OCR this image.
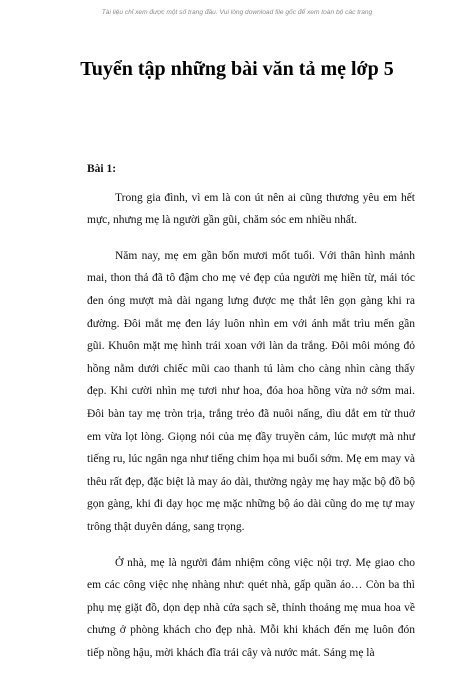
Tài liệu chỉ xem được một số trang đầu. Vui lòng download file gốc để xem toàn bộ các trang
Tuyển tập những bài văn tả mẹ lớp 5
Bài 1:

Trong gia đình, vì em là con út nên ai cũng thương yêu em hết mực, nhưng mẹ là người gần gũi, chăm sóc em nhiều nhất.

Năm nay, mẹ em gần bốn mươi mốt tuổi. Với thân hình mảnh mai, thon thả đã tô đậm cho mẹ vẻ đẹp của người mẹ hiền từ, mái tóc đen óng mượt mà dài ngang lưng được mẹ thắt lên gọn gàng khi ra đường. Đôi mắt mẹ đen láy luôn nhìn em với ánh mắt trìu mến gần gũi. Khuôn mặt mẹ hình trái xoan với làn da trắng. Đôi môi mỏng đỏ hồng nằm dưới chiếc mũi cao thanh tú làm cho càng nhìn càng thấy đẹp. Khi cười nhìn mẹ tươi như hoa, đóa hoa hồng vừa nở sớm mai. Đôi bàn tay mẹ tròn trịa, trắng trẻo đã nuôi nấng, dìu dắt em từ thuở em vừa lọt lòng. Giọng nói của mẹ đầy truyền cảm, lúc mượt mà như tiếng ru, lúc ngân nga như tiếng chim họa mi buổi sớm. Mẹ em may và thêu rất đẹp, đặc biệt là may áo dài, thường ngày mẹ hay mặc bộ đồ bộ gọn gàng, khi đi dạy học mẹ mặc những bộ áo dài cũng do mẹ tự may trông thật duyên dáng, sang trọng.

Ở nhà, mẹ là người đảm nhiệm công việc nội trợ. Mẹ giao cho em các công việc nhẹ nhàng như: quét nhà, gấp quần áo… Còn ba thì phụ mẹ giặt đồ, dọn dẹp nhà cửa sạch sẽ, thỉnh thoảng mẹ mua hoa về chưng ở phòng khách cho đẹp nhà. Mỗi khi khách đến mẹ luôn đón tiếp nồng hậu, mời khách đĩa trái cây và nước mát. Sáng mẹ là
